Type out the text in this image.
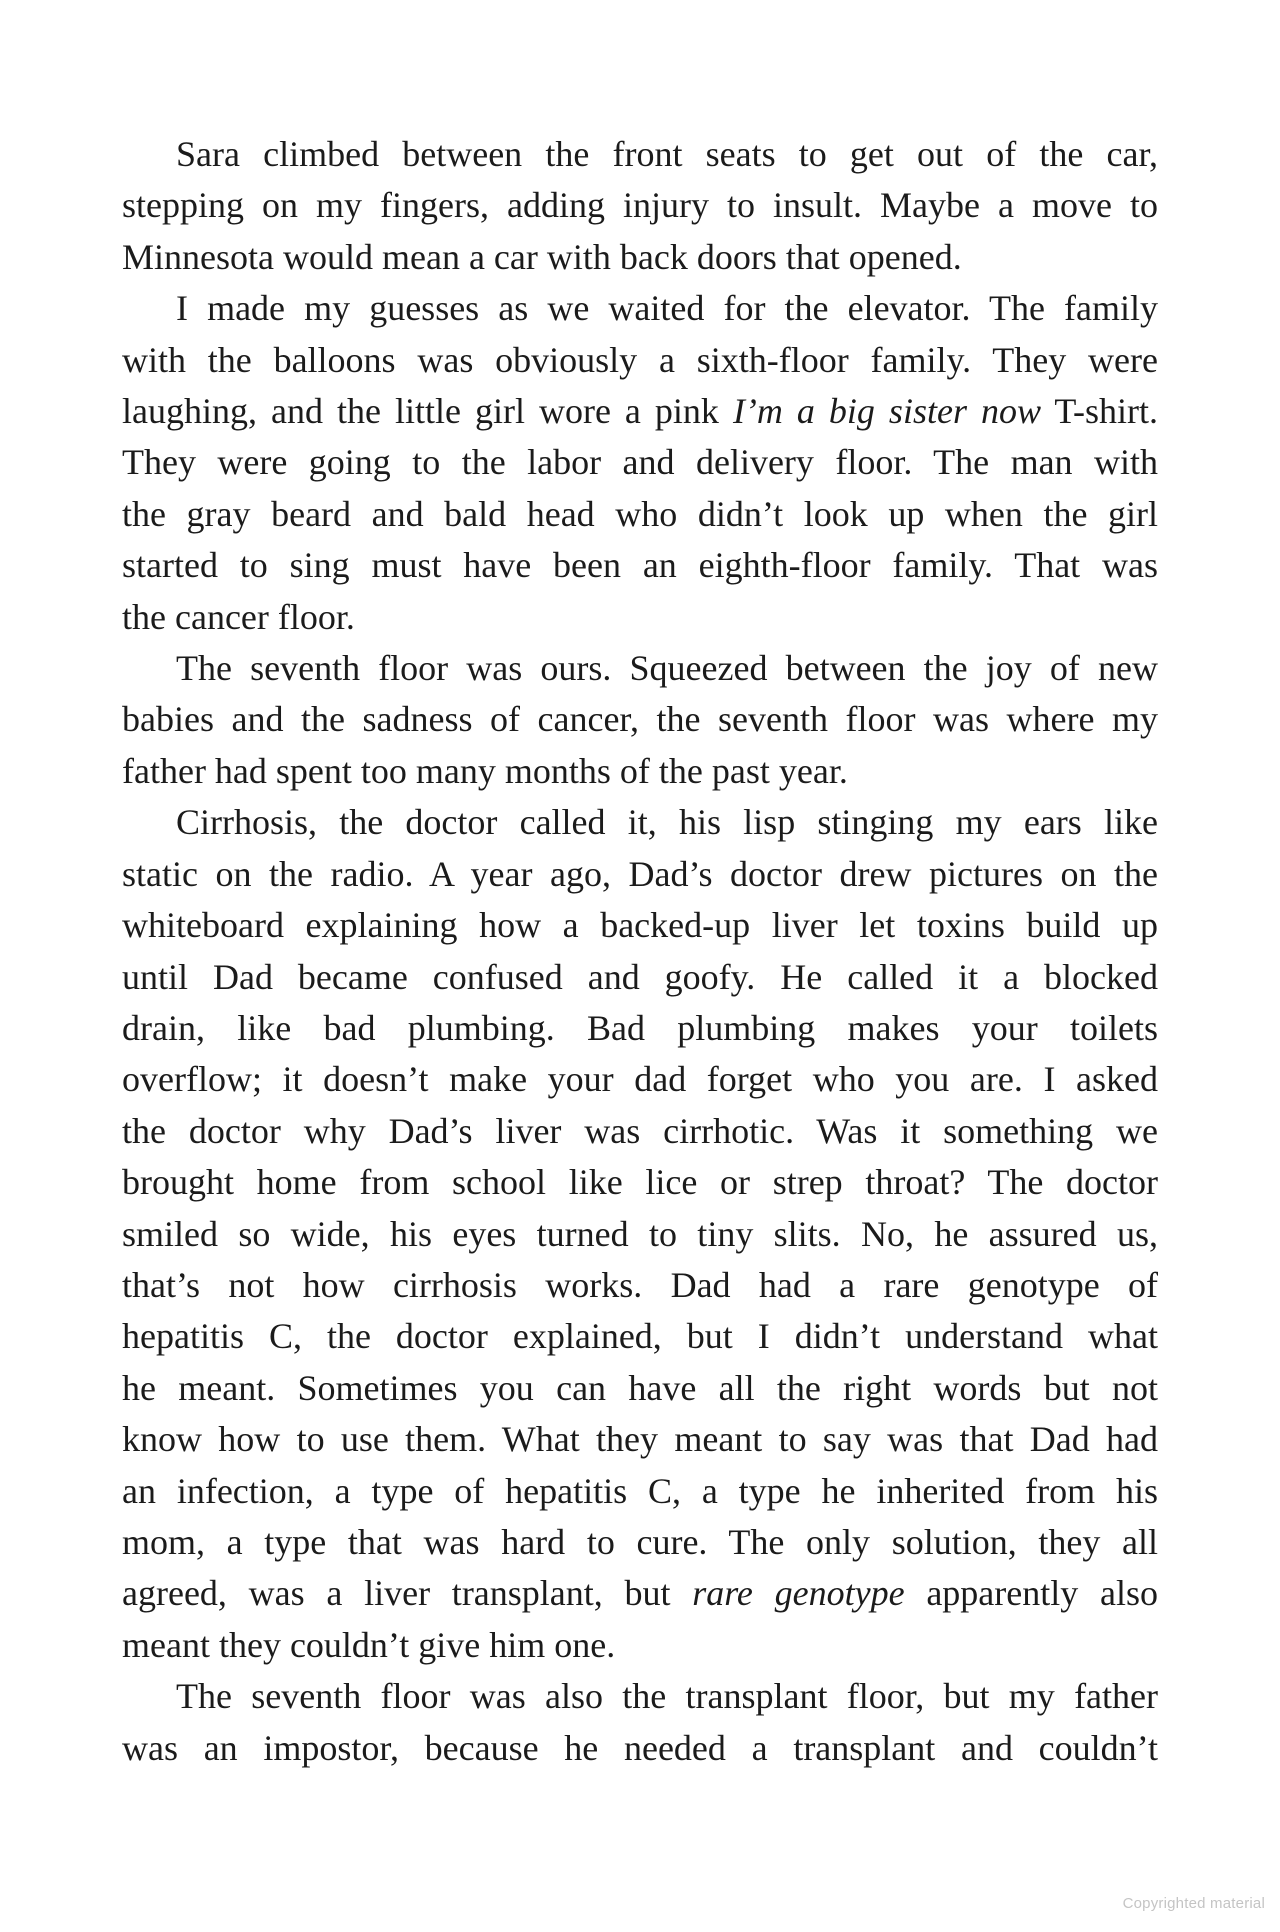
Sara climbed between the front seats to get out of the car,
stepping on my fingers, adding injury to insult. Maybe a move to
Minnesota would mean a car with back doors that opened.
I made my guesses as we waited for the elevator. The family
with the balloons was obviously a sixth-floor family. They were
laughing, and the little girl wore a pink I’m a big sister now T-shirt.
They were going to the labor and delivery floor. The man with
the gray beard and bald head who didn’t look up when the girl
started to sing must have been an eighth-floor family. That was
the cancer floor.
The seventh floor was ours. Squeezed between the joy of new
babies and the sadness of cancer, the seventh floor was where my
father had spent too many months of the past year.
Cirrhosis, the doctor called it, his lisp stinging my ears like
static on the radio. A year ago, Dad’s doctor drew pictures on the
whiteboard explaining how a backed-up liver let toxins build up
until Dad became confused and goofy. He called it a blocked
drain, like bad plumbing. Bad plumbing makes your toilets
overflow; it doesn’t make your dad forget who you are. I asked
the doctor why Dad’s liver was cirrhotic. Was it something we
brought home from school like lice or strep throat? The doctor
smiled so wide, his eyes turned to tiny slits. No, he assured us,
that’s not how cirrhosis works. Dad had a rare genotype of
hepatitis C, the doctor explained, but I didn’t understand what
he meant. Sometimes you can have all the right words but not
know how to use them. What they meant to say was that Dad had
an infection, a type of hepatitis C, a type he inherited from his
mom, a type that was hard to cure. The only solution, they all
agreed, was a liver transplant, but rare genotype apparently also
meant they couldn’t give him one.
The seventh floor was also the transplant floor, but my father
was an impostor, because he needed a transplant and couldn’t
Copyrighted material
